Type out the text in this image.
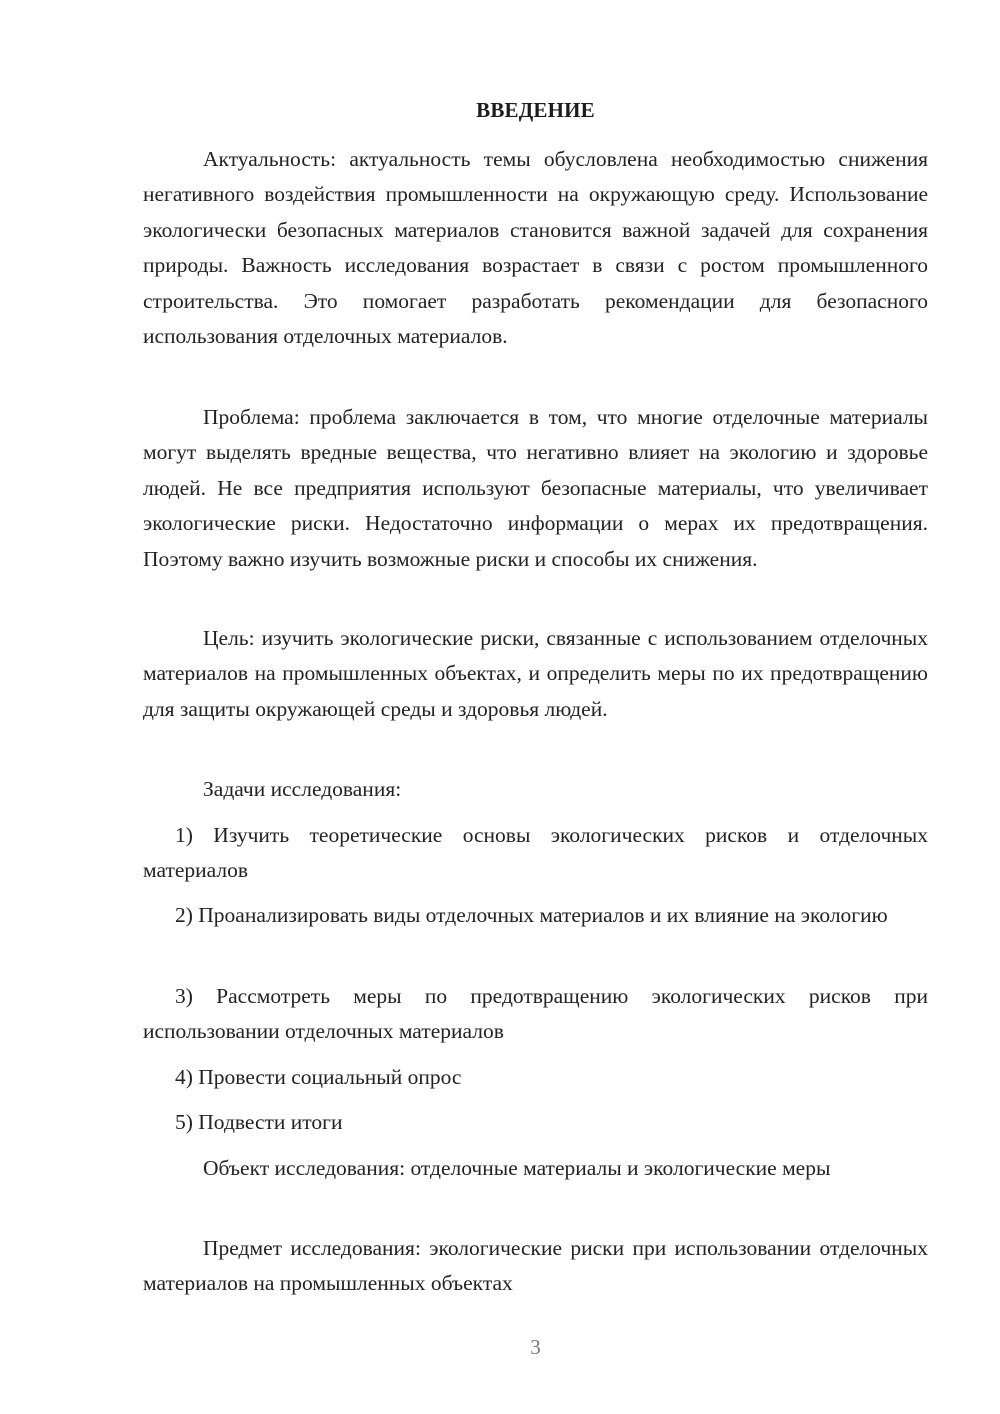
ВВЕДЕНИЕ

Актуальность: актуальность темы обусловлена необходимостью снижения негативного воздействия промышленности на окружающую среду. Использование экологически безопасных материалов становится важной задачей для сохранения природы. Важность исследования возрастает в связи с ростом промышленного строительства. Это помогает разработать рекомендации для безопасного использования отделочных материалов.

Проблема: проблема заключается в том, что многие отделочные материалы могут выделять вредные вещества, что негативно влияет на экологию и здоровье людей. Не все предприятия используют безопасные материалы, что увеличивает экологические риски. Недостаточно информации о мерах их предотвращения. Поэтому важно изучить возможные риски и способы их снижения.

Цель: изучить экологические риски, связанные с использованием отделочных материалов на промышленных объектах, и определить меры по их предотвращению для защиты окружающей среды и здоровья людей.

Задачи исследования:

1) Изучить теоретические основы экологических рисков и отделочных материалов

2) Проанализировать виды отделочных материалов и их влияние на экологию

3) Рассмотреть меры по предотвращению экологических рисков при использовании отделочных материалов

4) Провести социальный опрос

5) Подвести итоги

Объект исследования: отделочные материалы и экологические меры

Предмет исследования: экологические риски при использовании отделочных материалов на промышленных объектах

3
